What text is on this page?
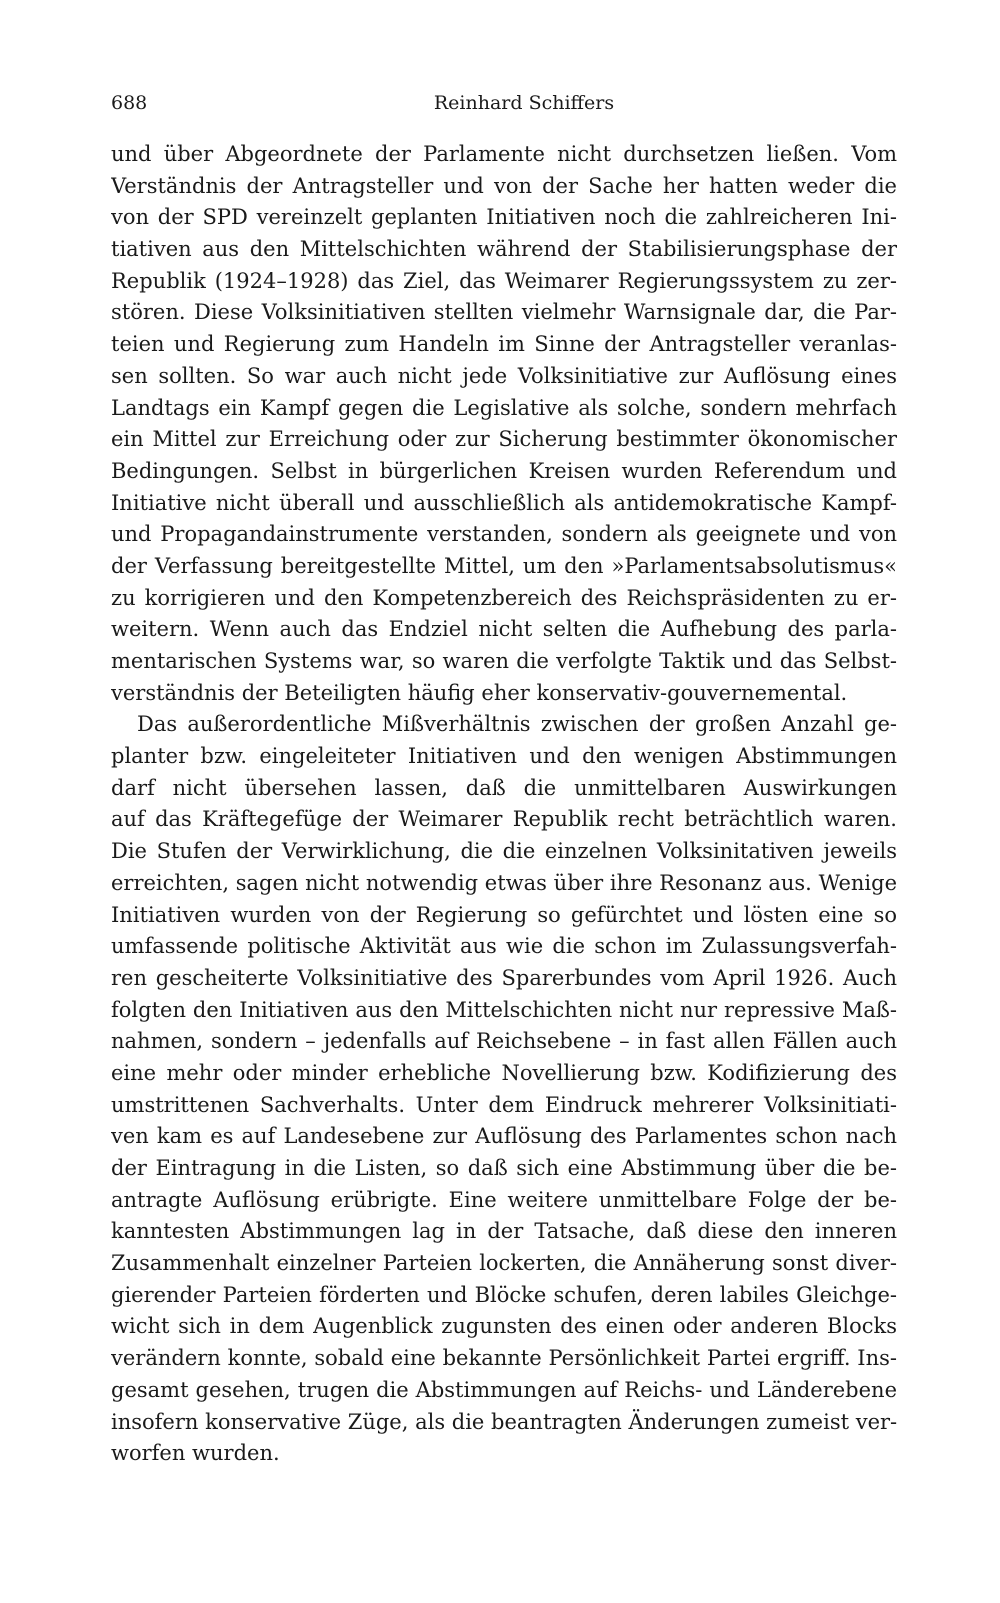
688	Reinhard Schiffers
und über Abgeordnete der Parlamente nicht durchsetzen ließen. Vom
Verständnis der Antragsteller und von der Sache her hatten weder die
von der SPD vereinzelt geplanten Initiativen noch die zahlreicheren Ini-
tiativen aus den Mittelschichten während der Stabilisierungsphase der
Republik (1924–1928) das Ziel, das Weimarer Regierungssystem zu zer-
stören. Diese Volksinitiativen stellten vielmehr Warnsignale dar, die Par-
teien und Regierung zum Handeln im Sinne der Antragsteller veranlas-
sen sollten. So war auch nicht jede Volksinitiative zur Auflösung eines
Landtags ein Kampf gegen die Legislative als solche, sondern mehrfach
ein Mittel zur Erreichung oder zur Sicherung bestimmter ökonomischer
Bedingungen. Selbst in bürgerlichen Kreisen wurden Referendum und
Initiative nicht überall und ausschließlich als antidemokratische Kampf-
und Propagandainstrumente verstanden, sondern als geeignete und von
der Verfassung bereitgestellte Mittel, um den »Parlamentsabsolutismus«
zu korrigieren und den Kompetenzbereich des Reichspräsidenten zu er-
weitern. Wenn auch das Endziel nicht selten die Aufhebung des parla-
mentarischen Systems war, so waren die verfolgte Taktik und das Selbst-
verständnis der Beteiligten häufig eher konservativ-gouvernemental.
Das außerordentliche Mißverhältnis zwischen der großen Anzahl ge-
planter bzw. eingeleiteter Initiativen und den wenigen Abstimmungen
darf nicht übersehen lassen, daß die unmittelbaren Auswirkungen
auf das Kräftegefüge der Weimarer Republik recht beträchtlich waren.
Die Stufen der Verwirklichung, die die einzelnen Volksinitativen jeweils
erreichten, sagen nicht notwendig etwas über ihre Resonanz aus. Wenige
Initiativen wurden von der Regierung so gefürchtet und lösten eine so
umfassende politische Aktivität aus wie die schon im Zulassungsverfah-
ren gescheiterte Volksinitiative des Sparerbundes vom April 1926. Auch
folgten den Initiativen aus den Mittelschichten nicht nur repressive Maß-
nahmen, sondern – jedenfalls auf Reichsebene – in fast allen Fällen auch
eine mehr oder minder erhebliche Novellierung bzw. Kodifizierung des
umstrittenen Sachverhalts. Unter dem Eindruck mehrerer Volksinitiati-
ven kam es auf Landesebene zur Auflösung des Parlamentes schon nach
der Eintragung in die Listen, so daß sich eine Abstimmung über die be-
antragte Auflösung erübrigte. Eine weitere unmittelbare Folge der be-
kanntesten Abstimmungen lag in der Tatsache, daß diese den inneren
Zusammenhalt einzelner Parteien lockerten, die Annäherung sonst diver-
gierender Parteien förderten und Blöcke schufen, deren labiles Gleichge-
wicht sich in dem Augenblick zugunsten des einen oder anderen Blocks
verändern konnte, sobald eine bekannte Persönlichkeit Partei ergriff. Ins-
gesamt gesehen, trugen die Abstimmungen auf Reichs- und Länderebene
insofern konservative Züge, als die beantragten Änderungen zumeist ver-
worfen wurden.
